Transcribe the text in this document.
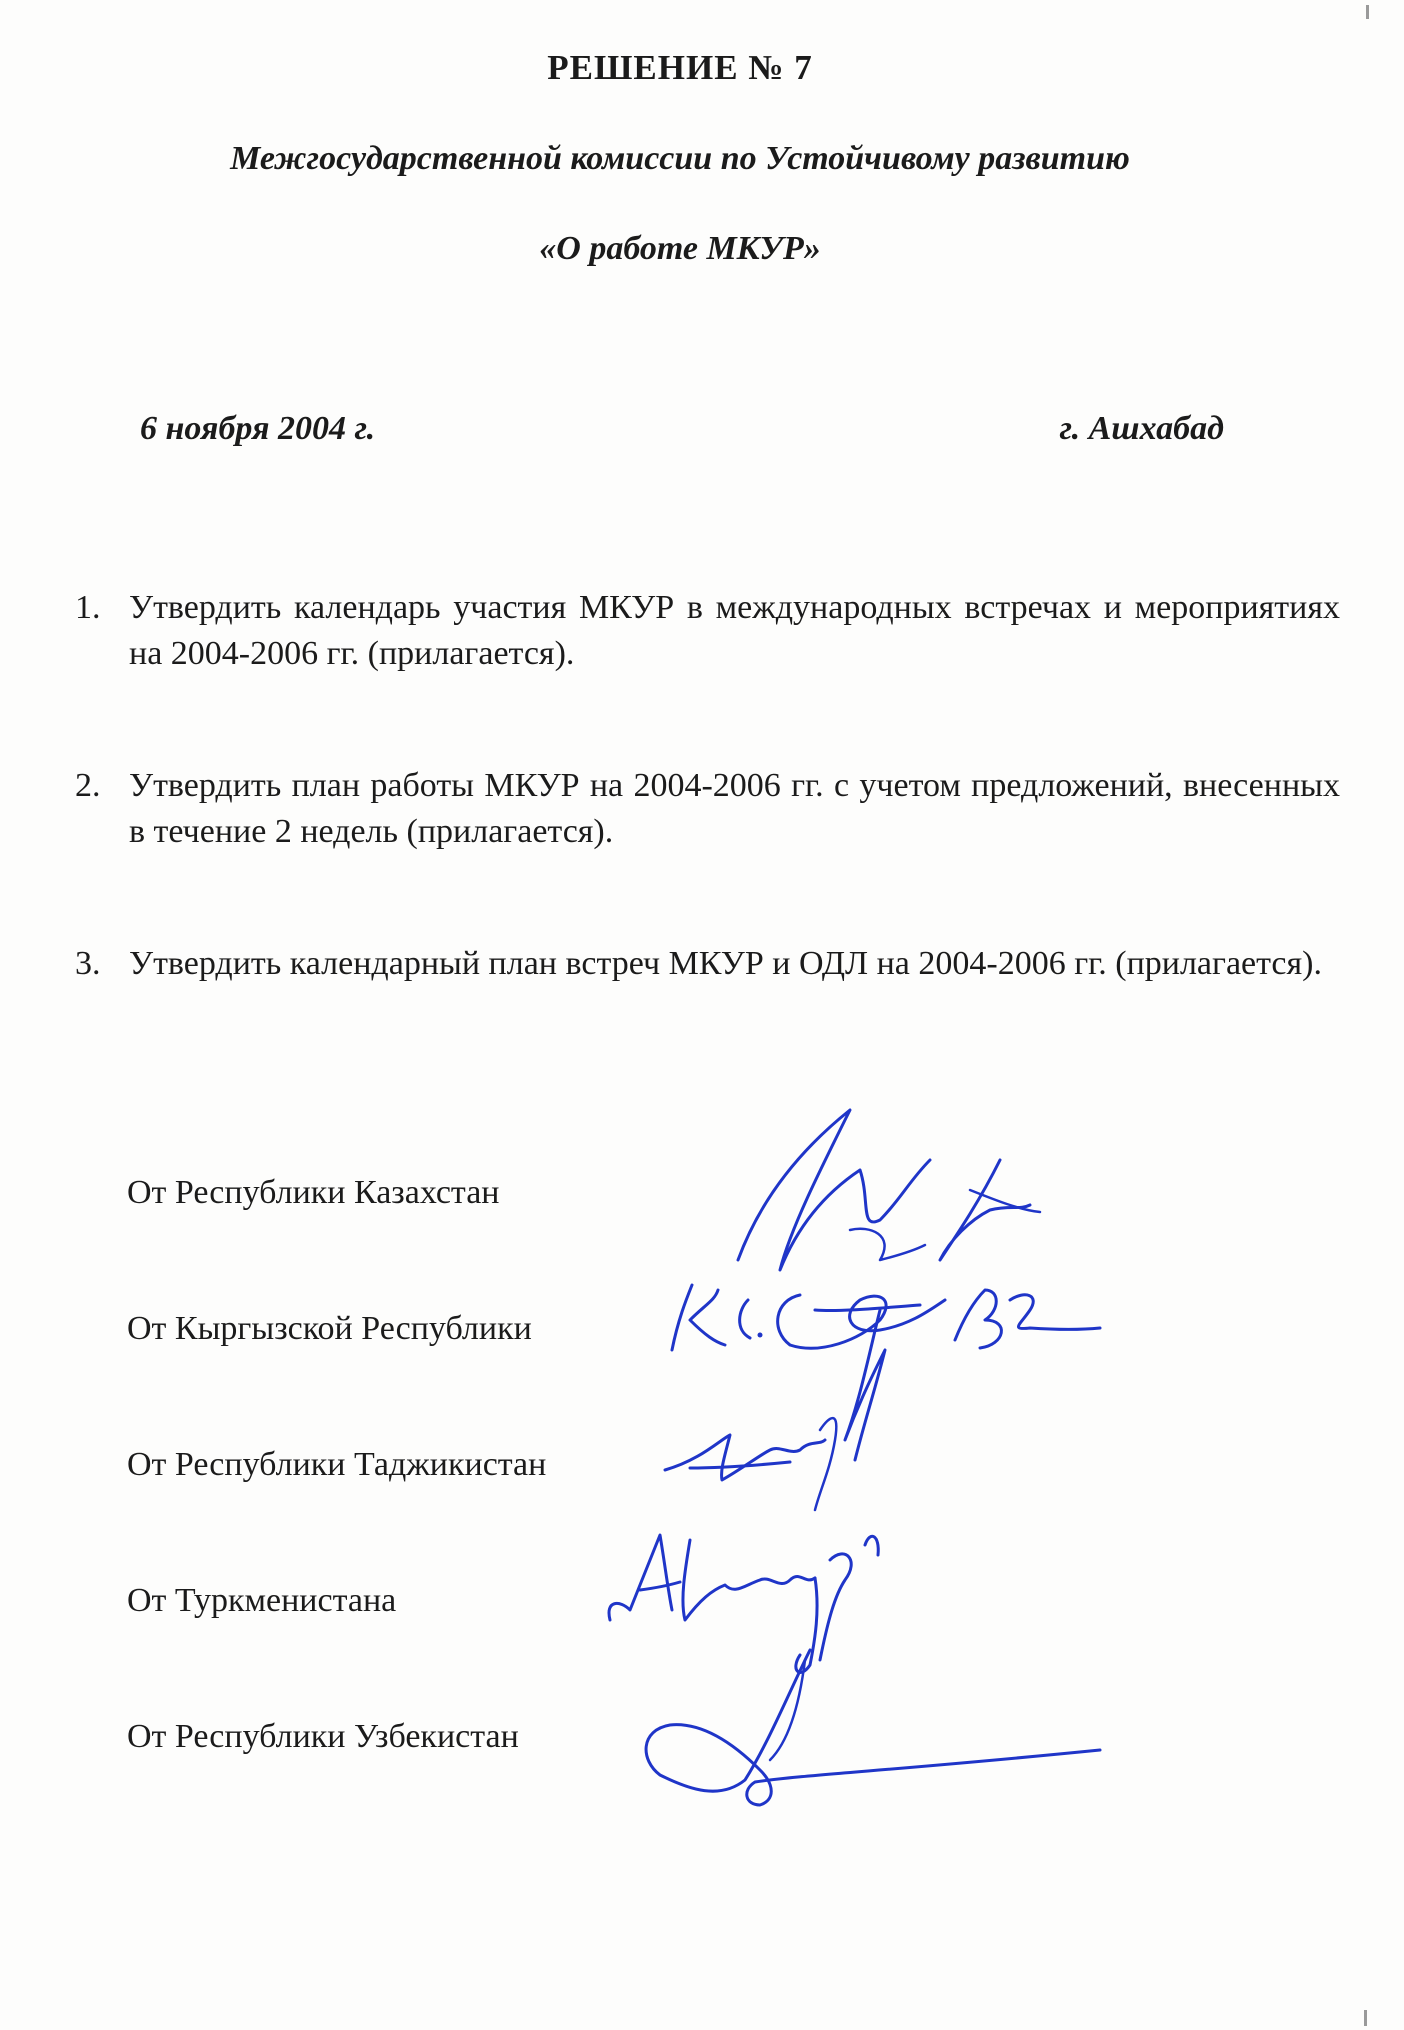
РЕШЕНИЕ № 7
Межгосударственной комиссии по Устойчивому развитию
«О работе МКУР»
6 ноября 2004 г.	г. Ашхабад
1. Утвердить календарь участия МКУР в международных встречах и мероприятиях на 2004-2006 гг. (прилагается).
2. Утвердить план работы МКУР на 2004-2006 гг. с учетом предложений, внесенных в течение 2 недель (прилагается).
3. Утвердить календарный план встреч МКУР и ОДЛ на 2004-2006 гг. (прилагается).
От Республики Казахстан
От Кыргызской Республики
От Республики Таджикистан
От Туркменистана
От Республики Узбекистан
